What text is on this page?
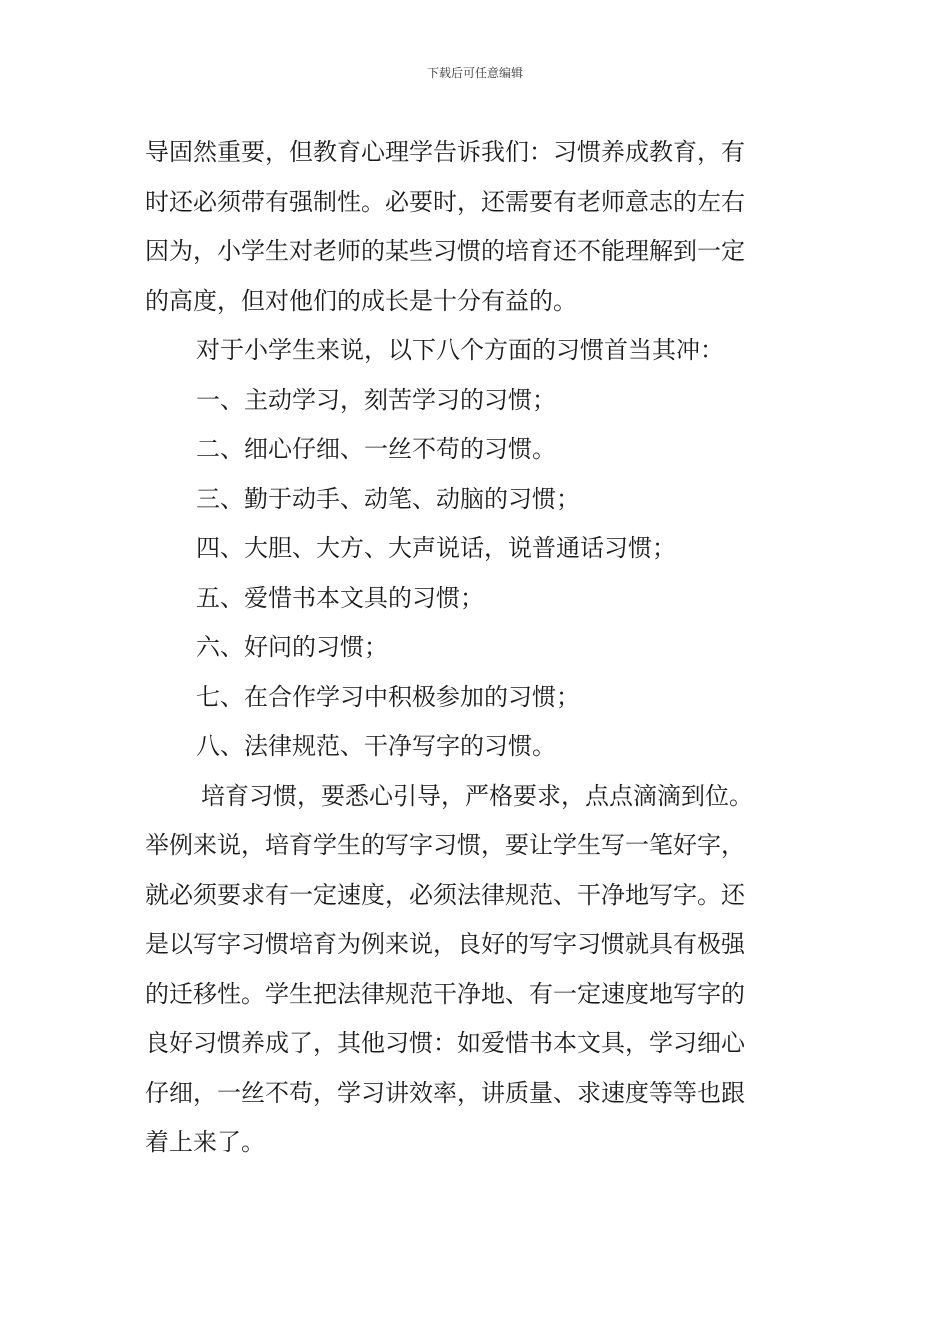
下载后可任意编辑
导固然重要，但教育心理学告诉我们：习惯养成教育，有
时还必须带有强制性。必要时，还需要有老师意志的左右
因为，小学生对老师的某些习惯的培育还不能理解到一定
的高度，但对他们的成长是十分有益的。
对于小学生来说，以下八个方面的习惯首当其冲：
一、主动学习，刻苦学习的习惯；
二、细心仔细、一丝不苟的习惯。
三、勤于动手、动笔、动脑的习惯；
四、大胆、大方、大声说话，说普通话习惯；
五、爱惜书本文具的习惯；
六、好问的习惯；
七、在合作学习中积极参加的习惯；
八、法律规范、干净写字的习惯。
培育习惯，要悉心引导，严格要求，点点滴滴到位。
举例来说，培育学生的写字习惯，要让学生写一笔好字，
就必须要求有一定速度，必须法律规范、干净地写字。还
是以写字习惯培育为例来说，良好的写字习惯就具有极强
的迁移性。学生把法律规范干净地、有一定速度地写字的
良好习惯养成了，其他习惯：如爱惜书本文具，学习细心
仔细，一丝不苟，学习讲效率，讲质量、求速度等等也跟
着上来了。
